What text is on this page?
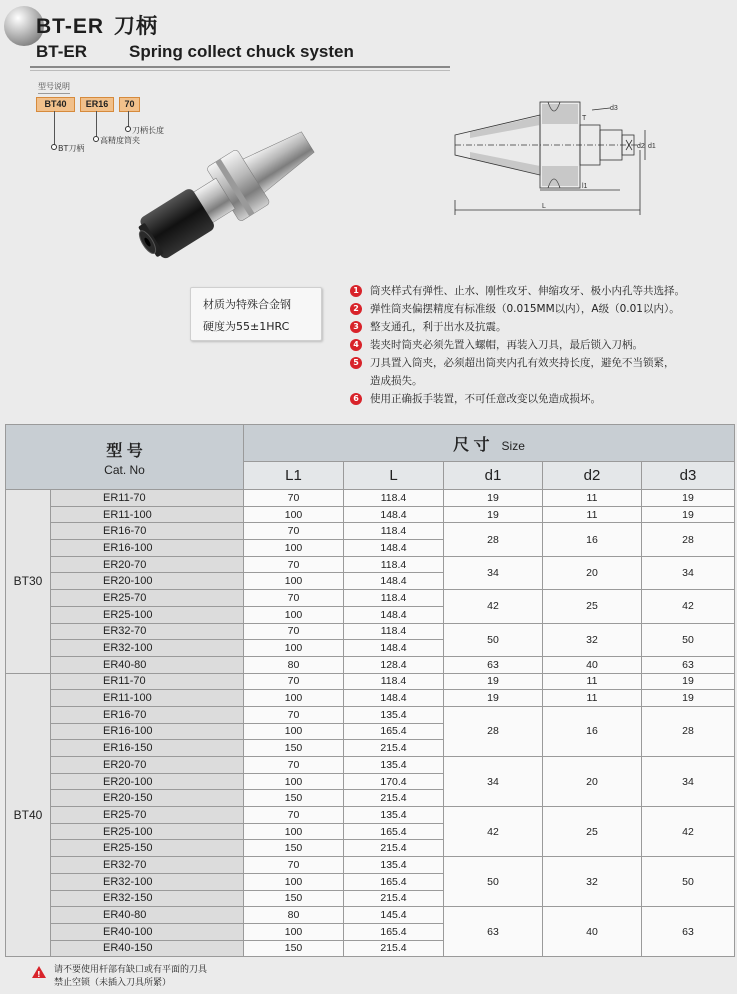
BT-ER 刀柄
BT-ER Spring collect chuck systen
型号说明
BT40	ER16	70
BT刀柄
高精度筒夹
刀柄长度
T
d3
d2 d1
l1
L
材质为特殊合金钢
硬度为55±1HRC
1	筒夹样式有弹性、止水、刚性攻牙、伸缩攻牙、极小内孔等共选择。
2	弹性筒夹偏摆精度有标准级（0.015MM以内），A级（0.01以内）。
3	整支通孔，利于出水及抗震。
4	装夹时筒夹必须先置入螺帽，再装入刀具，最后锁入刀柄。
5	刀具置入筒夹，必须超出筒夹内孔有效夹持长度，避免不当锁紧，
造成损失。
6	使用正确扳手装置，不可任意改变以免造成损坏。
型 号
Cat. No		尺 寸 Size				
		L1	L	d1	d2	d3
BT30	ER11-70	70	118.4	19	11	19
	ER11-100	100	148.4	19	11	19
	ER16-70	70	118.4	28	16	28
	ER16-100	100	148.4			
	ER20-70	70	118.4	34	20	34
	ER20-100	100	148.4			
	ER25-70	70	118.4	42	25	42
	ER25-100	100	148.4			
	ER32-70	70	118.4	50	32	50
	ER32-100	100	148.4			
	ER40-80	80	128.4	63	40	63
BT40	ER11-70	70	118.4	19	11	19
	ER11-100	100	148.4	19	11	19
	ER16-70	70	135.4	28	16	28
	ER16-100	100	165.4			
	ER16-150	150	215.4			
	ER20-70	70	135.4	34	20	34
	ER20-100	100	170.4			
	ER20-150	150	215.4			
	ER25-70	70	135.4	42	25	42
	ER25-100	100	165.4			
	ER25-150	150	215.4			
	ER32-70	70	135.4	50	32	50
	ER32-100	100	165.4			
	ER32-150	150	215.4			
	ER40-80	80	145.4	63	40	63
	ER40-100	100	165.4			
	ER40-150	150	215.4			
! 请不要使用杆部有缺口或有平面的刀具
禁止空锁（未插入刀具所紧）
